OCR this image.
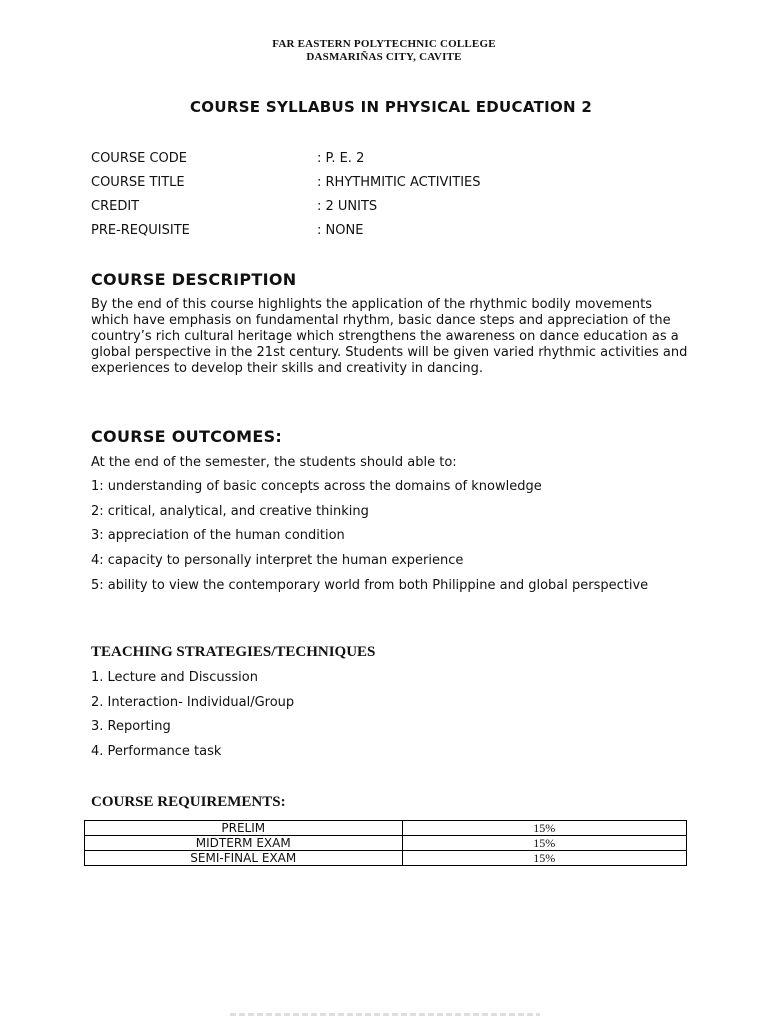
FAR EASTERN POLYTECHNIC COLLEGE
DASMARIÑAS CITY, CAVITE
COURSE SYLLABUS IN PHYSICAL EDUCATION 2
COURSE CODE	: P. E. 2
COURSE TITLE	: RHYTHMITIC ACTIVITIES
CREDIT	: 2 UNITS
PRE-REQUISITE	: NONE
COURSE DESCRIPTION
By the end of this course highlights the application of the rhythmic bodily movements which have emphasis on fundamental rhythm, basic dance steps and appreciation of the country’s rich cultural heritage which strengthens the awareness on dance education as a global perspective in the 21st century. Students will be given varied rhythmic activities and experiences to develop their skills and creativity in dancing.
COURSE OUTCOMES:
At the end of the semester, the students should able to:
1: understanding of basic concepts across the domains of knowledge
2: critical, analytical, and creative thinking
3: appreciation of the human condition
4: capacity to personally interpret the human experience
5: ability to view the contemporary world from both Philippine and global perspective
TEACHING STRATEGIES/TECHNIQUES
1. Lecture and Discussion
2. Interaction- Individual/Group
3. Reporting
4. Performance task
COURSE REQUIREMENTS:
PRELIM	15%
MIDTERM EXAM	15%
SEMI-FINAL EXAM	15%
